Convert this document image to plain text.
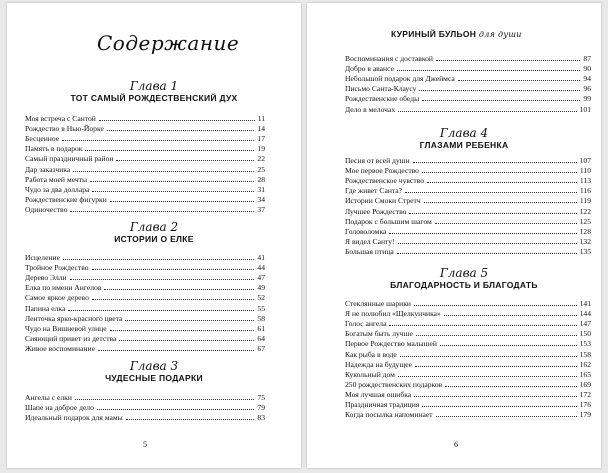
Содержание
Глава 1
ТОТ САМЫЙ РОЖДЕСТВЕНСКИЙ ДУХ
Моя встреча с Сантой	11
Рождество в Нью-Йорке	14
Бесценное	17
Память в подарок	19
Самый праздничный район	22
Дар заказчика	25
Работа моей мечты	28
Чудо за два доллара	31
Рождественские фигурки	34
Одиночество	37
Глава 2
ИСТОРИИ О ЕЛКЕ
Исцеление	41
Тройное Рождество	44
Дерево Элли	47
Елка по имени Ангелов	49
Самое яркое дерево	52
Папина елка	55
Ленточка ярко-красного цвета	58
Чудо на Вишневой улице	61
Сияющий привет из детства	64
Живое воспоминание	67
Глава 3
ЧУДЕСНЫЕ ПОДАРКИ
Ангелы с елки	75
Шапе на доброе дело	79
Идеальный подарок для мамы	83
5
КУРИНЫЙ БУЛЬОН для души
Воспоминания с доставкой	87
Добро в авансе	90
Небольшой подарок для Джеймса	94
Письмо Санта-Клаусу	96
Рождественские обеды	99
Дело в мелочах	101
Глава 4
ГЛАЗАМИ РЕБЕНКА
Песня от всей души	107
Мое первое Рождество	110
Рождественское чувство	113
Где живет Санта?	116
Истории Смоки Стретч	119
Лучшее Рождество	122
Подарок с большим шагом	125
Головоломка	128
Я видел Санту!	132
Большая птица	135
Глава 5
БЛАГОДАРНОСТЬ И БЛАГОДАТЬ
Стеклянные шарики	141
Я не полюбил «Щелкунчика»	144
Голос ангела	147
Богатым быть лучше	150
Первое Рождество малышей	153
Как рыба в воде	158
Надежда на будущее	162
Кукольный дом	165
250 рождественских подарков	169
Моя лучшая ошибка	172
Праздничная традиция	176
Когда посылка напоминает	179
6
